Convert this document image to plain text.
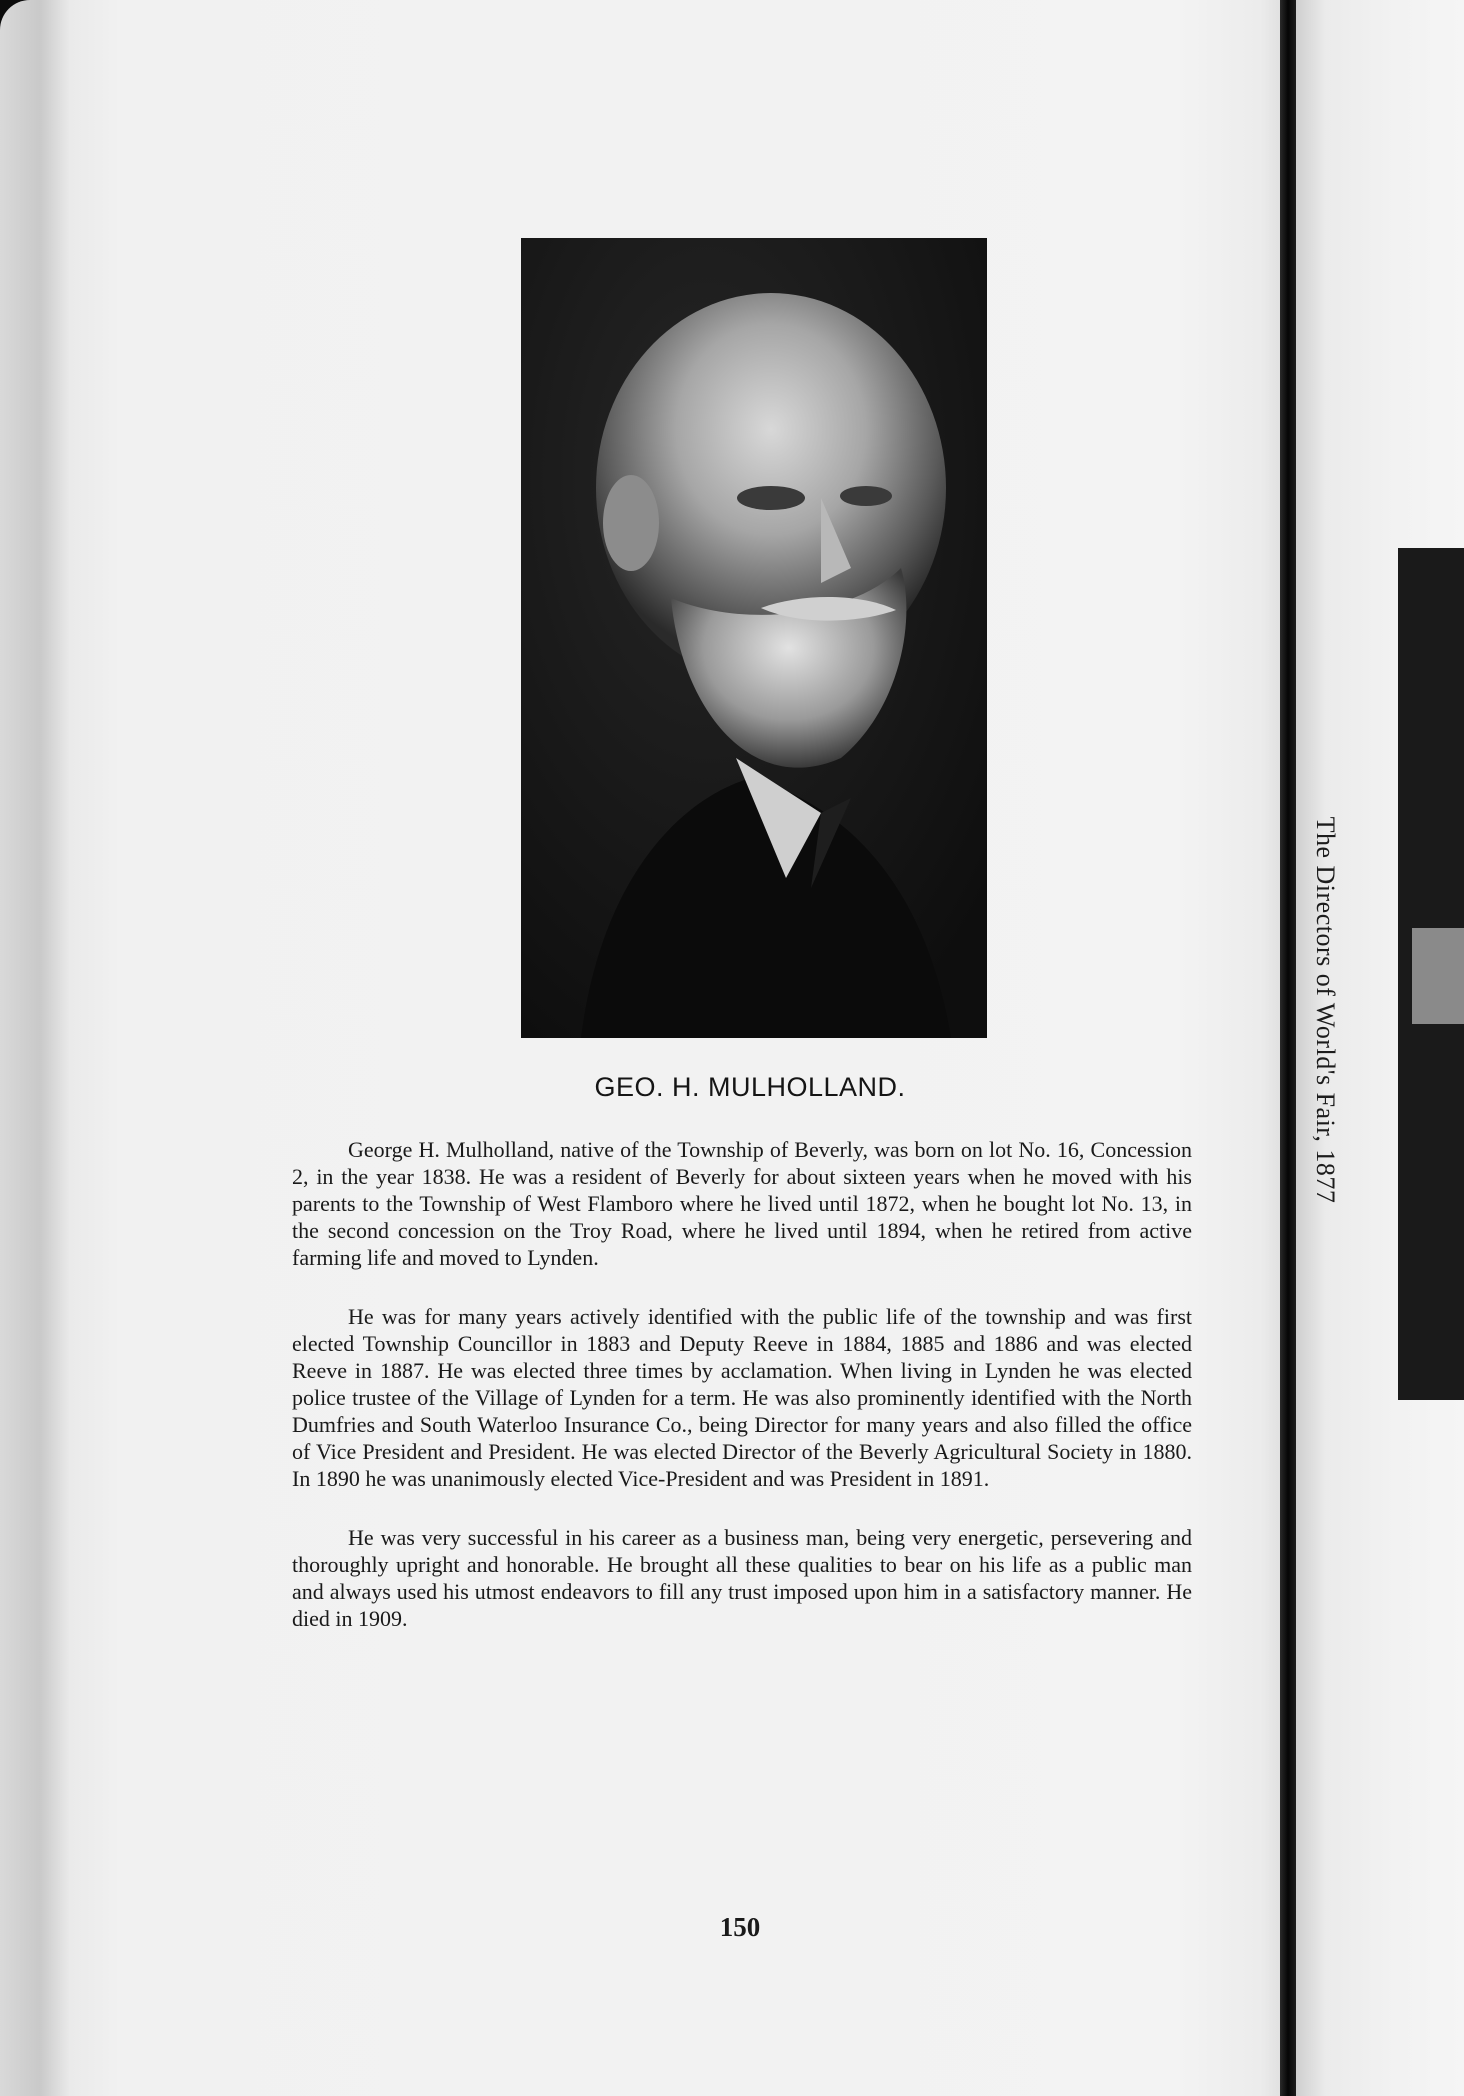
GEO. H. MULHOLLAND.

George H. Mulholland, native of the Township of Beverly, was born on lot No. 16, Concession 2, in the year 1838. He was a resident of Beverly for about sixteen years when he moved with his parents to the Township of West Flamboro where he lived until 1872, when he bought lot No. 13, in the second concession on the Troy Road, where he lived until 1894, when he retired from active farming life and moved to Lynden.

He was for many years actively identified with the public life of the township and was first elected Township Councillor in 1883 and Deputy Reeve in 1884, 1885 and 1886 and was elected Reeve in 1887. He was elected three times by acclamation. When living in Lynden he was elected police trustee of the Village of Lynden for a term. He was also prominently identified with the North Dumfries and South Waterloo Insurance Co., being Director for many years and also filled the office of Vice President and President. He was elected Director of the Beverly Agricultural Society in 1880. In 1890 he was unanimously elected Vice-President and was President in 1891.

He was very successful in his career as a business man, being very energetic, persevering and thoroughly upright and honorable. He brought all these qualities to bear on his life as a public man and always used his utmost endeavors to fill any trust imposed upon him in a satisfactory manner. He died in 1909.

150
The Directors of World's Fair, 1877
